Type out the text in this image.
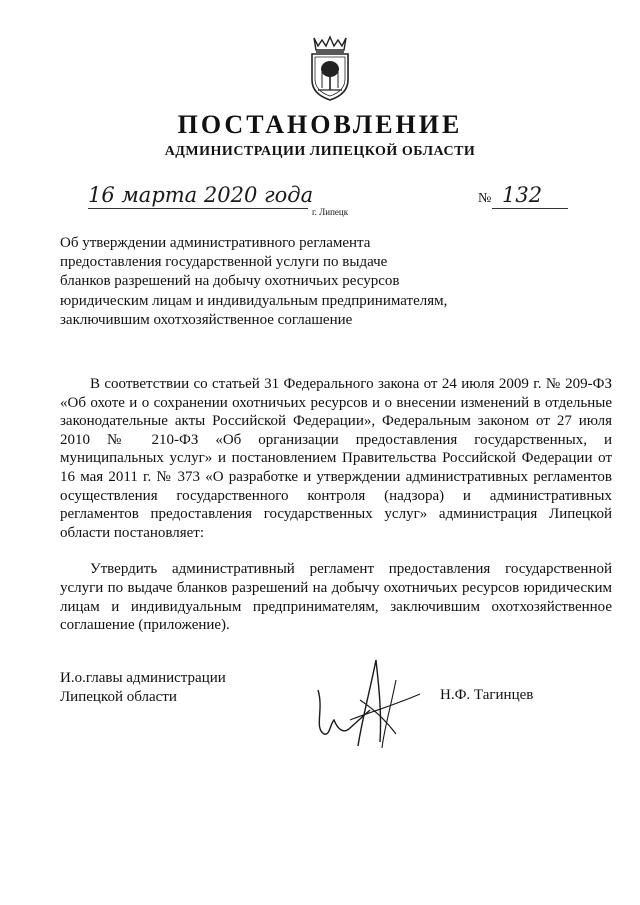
ПОСТАНОВЛЕНИЕ
АДМИНИСТРАЦИИ ЛИПЕЦКОЙ ОБЛАСТИ
16 марта 2020 года
г. Липецк
№ 132
Об утверждении административного регламента
предоставления государственной услуги по выдаче
бланков разрешений на добычу охотничьих ресурсов
юридическим лицам и индивидуальным предпринимателям,
заключившим охотхозяйственное соглашение

В соответствии со статьей 31 Федерального закона от 24 июля 2009 г. № 209-ФЗ «Об охоте и о сохранении охотничьих ресурсов и о внесении изменений в отдельные законодательные акты Российской Федерации», Федеральным законом от 27 июля 2010 № 210-ФЗ «Об организации предоставления государственных, и муниципальных услуг» и постановлением Правительства Российской Федерации от 16 мая 2011 г. № 373 «О разработке и утверждении административных регламентов осуществления государственного контроля (надзора) и административных регламентов предоставления государственных услуг» администрация Липецкой области постановляет:

Утвердить административный регламент предоставления государственной услуги по выдаче бланков разрешений на добычу охотничьих ресурсов юридическим лицам и индивидуальным предпринимателям, заключившим охотхозяйственное соглашение (приложение).

И.о.главы администрации
Липецкой области	Н.Ф. Тагинцев
